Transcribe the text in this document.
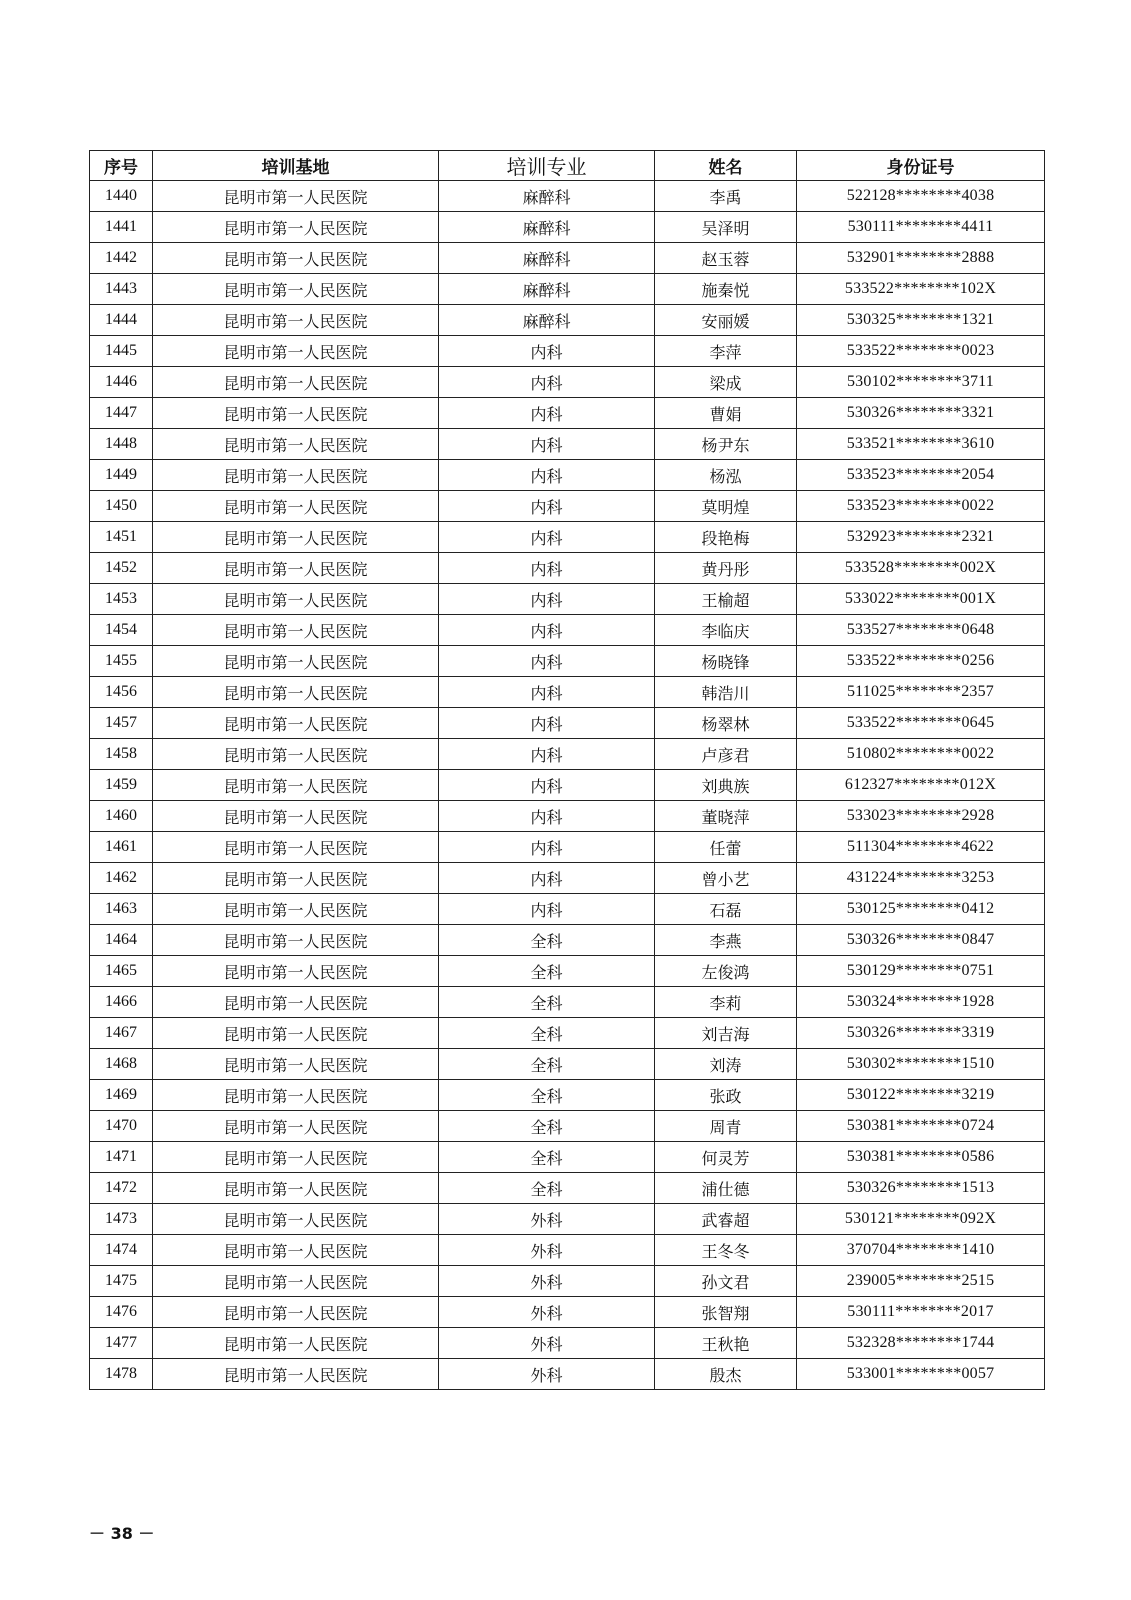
序号	培训基地	培训专业	姓名	身份证号
1440	昆明市第一人民医院	麻醉科	李禹	522128********4038
1441	昆明市第一人民医院	麻醉科	吴泽明	530111********4411
1442	昆明市第一人民医院	麻醉科	赵玉蓉	532901********2888
1443	昆明市第一人民医院	麻醉科	施秦悦	533522********102X
1444	昆明市第一人民医院	麻醉科	安丽媛	530325********1321
1445	昆明市第一人民医院	内科	李萍	533522********0023
1446	昆明市第一人民医院	内科	梁成	530102********3711
1447	昆明市第一人民医院	内科	曹娟	530326********3321
1448	昆明市第一人民医院	内科	杨尹东	533521********3610
1449	昆明市第一人民医院	内科	杨泓	533523********2054
1450	昆明市第一人民医院	内科	莫明煌	533523********0022
1451	昆明市第一人民医院	内科	段艳梅	532923********2321
1452	昆明市第一人民医院	内科	黄丹彤	533528********002X
1453	昆明市第一人民医院	内科	王榆超	533022********001X
1454	昆明市第一人民医院	内科	李临庆	533527********0648
1455	昆明市第一人民医院	内科	杨晓锋	533522********0256
1456	昆明市第一人民医院	内科	韩浩川	511025********2357
1457	昆明市第一人民医院	内科	杨翠林	533522********0645
1458	昆明市第一人民医院	内科	卢彦君	510802********0022
1459	昆明市第一人民医院	内科	刘典族	612327********012X
1460	昆明市第一人民医院	内科	董晓萍	533023********2928
1461	昆明市第一人民医院	内科	任蕾	511304********4622
1462	昆明市第一人民医院	内科	曾小艺	431224********3253
1463	昆明市第一人民医院	内科	石磊	530125********0412
1464	昆明市第一人民医院	全科	李燕	530326********0847
1465	昆明市第一人民医院	全科	左俊鸿	530129********0751
1466	昆明市第一人民医院	全科	李莉	530324********1928
1467	昆明市第一人民医院	全科	刘吉海	530326********3319
1468	昆明市第一人民医院	全科	刘涛	530302********1510
1469	昆明市第一人民医院	全科	张政	530122********3219
1470	昆明市第一人民医院	全科	周青	530381********0724
1471	昆明市第一人民医院	全科	何灵芳	530381********0586
1472	昆明市第一人民医院	全科	浦仕德	530326********1513
1473	昆明市第一人民医院	外科	武睿超	530121********092X
1474	昆明市第一人民医院	外科	王冬冬	370704********1410
1475	昆明市第一人民医院	外科	孙文君	239005********2515
1476	昆明市第一人民医院	外科	张智翔	530111********2017
1477	昆明市第一人民医院	外科	王秋艳	532328********1744
1478	昆明市第一人民医院	外科	殷杰	533001********0057
－ 38 －
